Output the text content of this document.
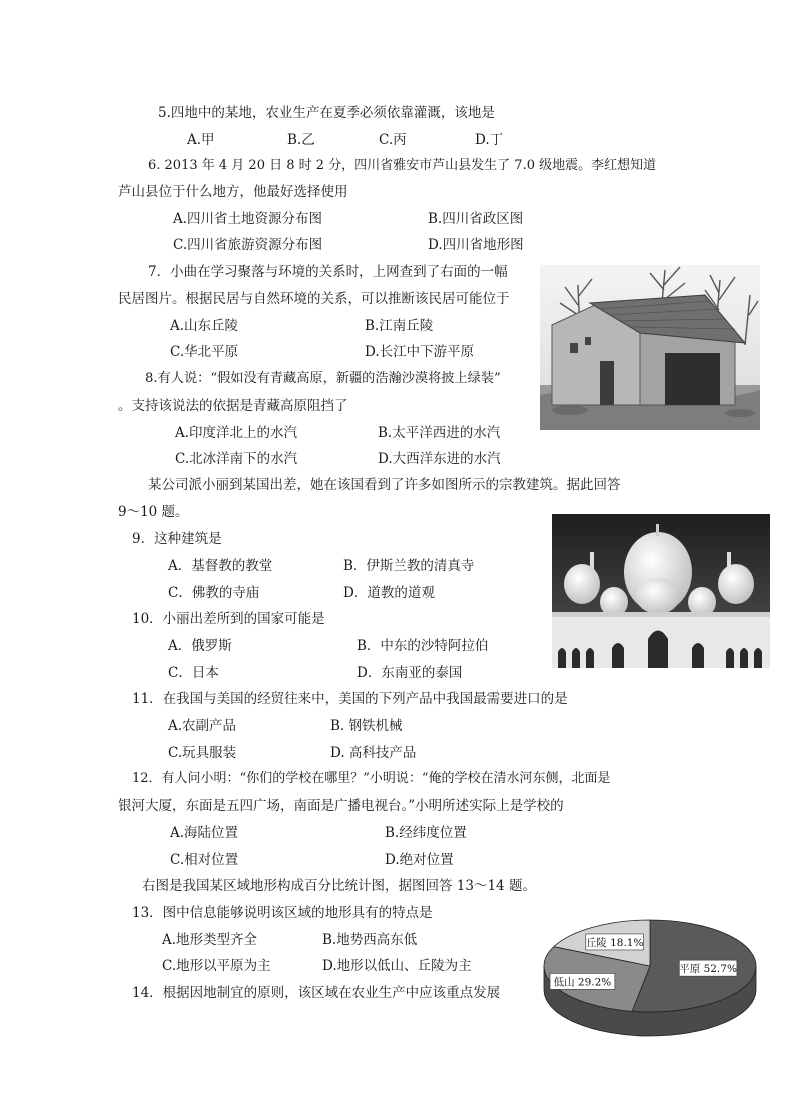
5.四地中的某地，农业生产在夏季必须依靠灌溉，该地是
A.甲	B.乙	C.丙	D.丁
6. 2013 年 4 月 20 日 8 时 2 分，四川省雅安市芦山县发生了 7.0 级地震。李红想知道
芦山县位于什么地方，他最好选择使用
A.四川省土地资源分布图	B.四川省政区图
C.四川省旅游资源分布图	D.四川省地形图
7．小曲在学习聚落与环境的关系时，上网查到了右面的一幅
民居图片。根据民居与自然环境的关系，可以推断该民居可能位于
A.山东丘陵	B.江南丘陵
C.华北平原	D.长江中下游平原
8.有人说：“假如没有青藏高原，新疆的浩瀚沙漠将披上绿装”
。支持该说法的依据是青藏高原阻挡了
A.印度洋北上的水汽	B.太平洋西进的水汽
C.北冰洋南下的水汽	D.大西洋东进的水汽
某公司派小丽到某国出差，她在该国看到了许多如图所示的宗教建筑。据此回答
9～10 题。
9．这种建筑是
A．基督教的教堂	B．伊斯兰教的清真寺
C．佛教的寺庙	D．道教的道观
10．小丽出差所到的国家可能是
A．俄罗斯	B．中东的沙特阿拉伯
C．日本	D．东南亚的泰国
11．在我国与美国的经贸往来中，美国的下列产品中我国最需要进口的是
A.农副产品	B. 钢铁机械
C.玩具服装	D. 高科技产品
12．有人问小明：“你们的学校在哪里？”小明说：“俺的学校在清水河东侧，北面是
银河大厦，东面是五四广场，南面是广播电视台。”小明所述实际上是学校的
A.海陆位置	B.经纬度位置
C.相对位置	D.绝对位置
右图是我国某区域地形构成百分比统计图，据图回答 13～14 题。
13．图中信息能够说明该区域的地形具有的特点是
A.地形类型齐全	B.地势西高东低
C.地形以平原为主	D.地形以低山、丘陵为主
14．根据因地制宜的原则，该区域在农业生产中应该重点发展
平原 52.7%
低山 29.2%
丘陵 18.1%
